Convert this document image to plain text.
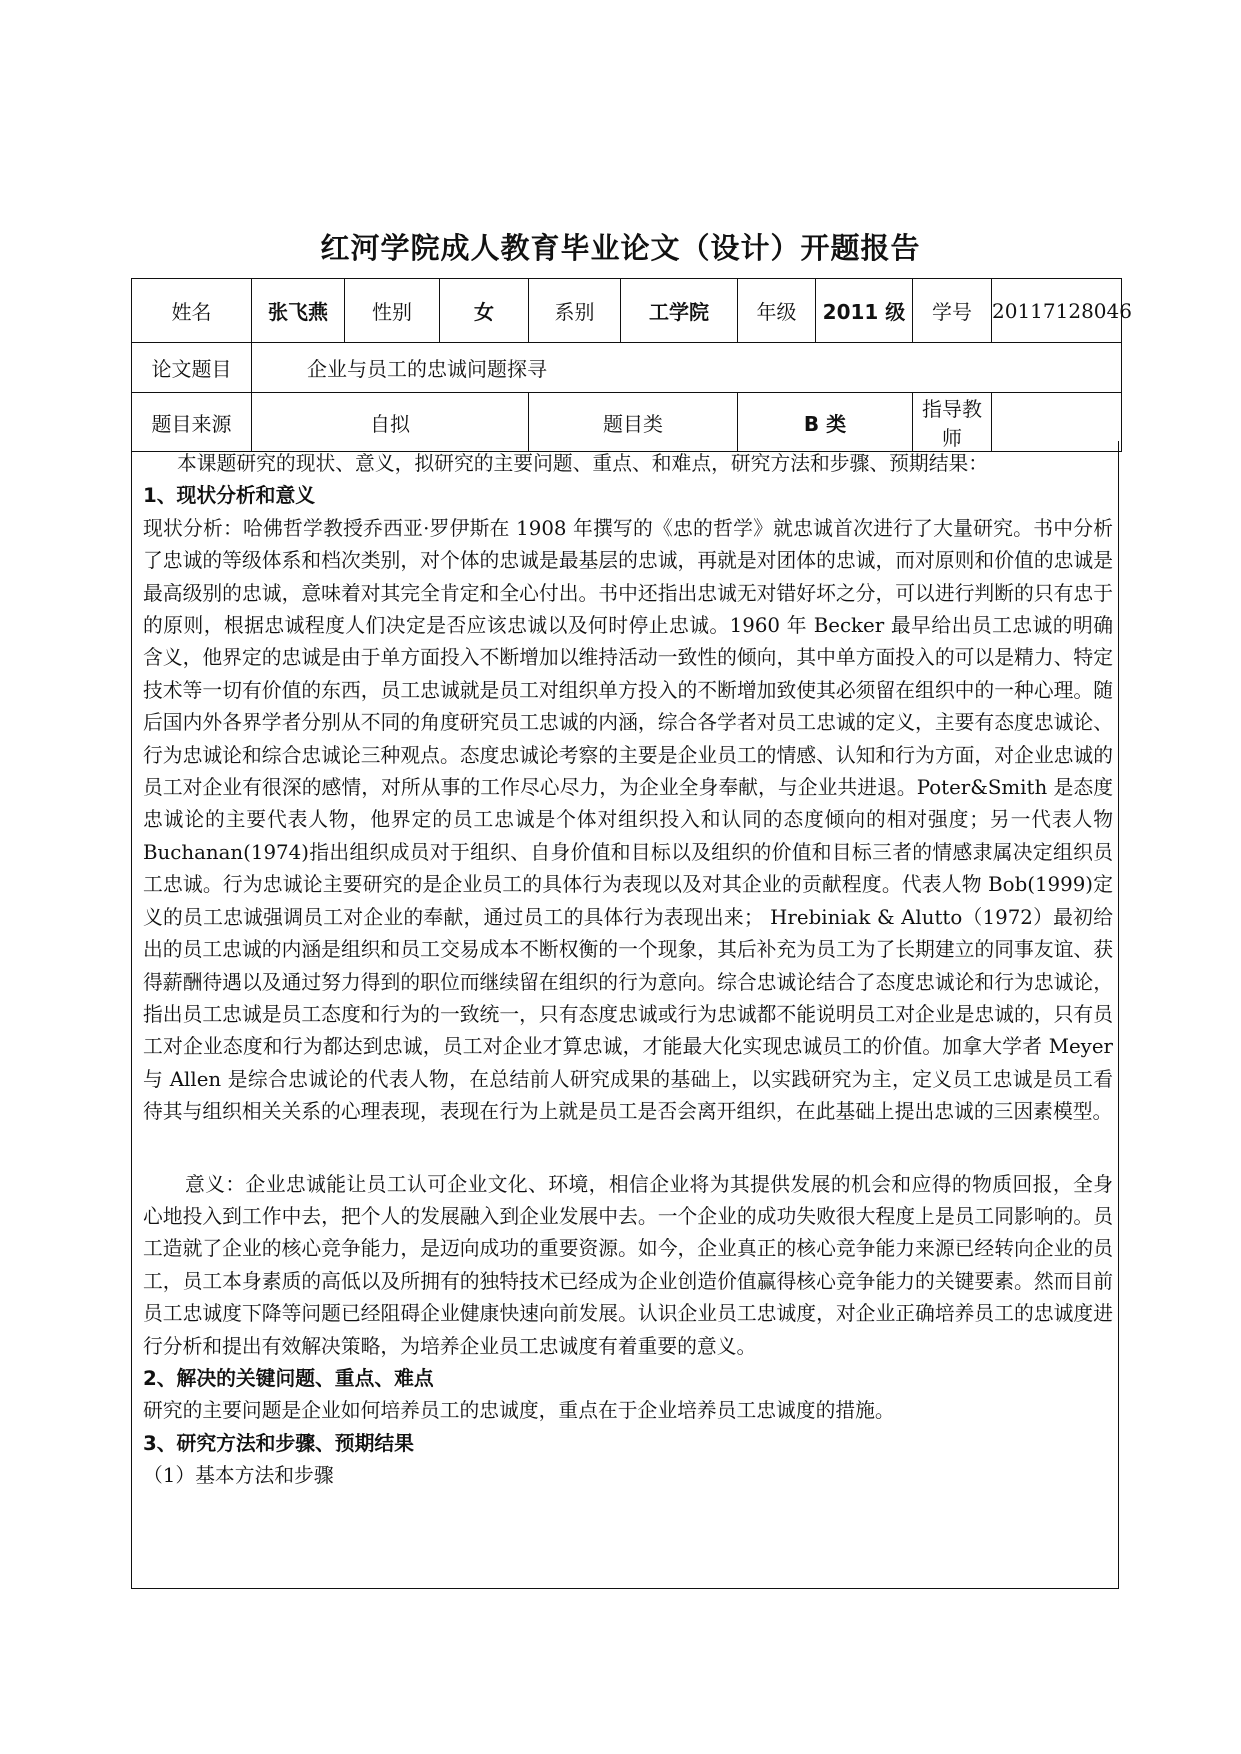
红河学院成人教育毕业论文（设计）开题报告
姓名	张飞燕	性别	女	系别	工学院	年级	2011 级	学号	20117128046
论文题目	企业与员工的忠诚问题探寻								
题目来源	自拟			题目类		B 类		指导教师	

本课题研究的现状、意义，拟研究的主要问题、重点、和难点，研究方法和步骤、预期结果：

1、现状分析和意义

现状分析：哈佛哲学教授乔西亚·罗伊斯在 1908 年撰写的《忠的哲学》就忠诚首次进行了大量研究。书中分析了忠诚的等级体系和档次类别，对个体的忠诚是最基层的忠诚，再就是对团体的忠诚，而对原则和价值的忠诚是最高级别的忠诚，意味着对其完全肯定和全心付出。书中还指出忠诚无对错好坏之分，可以进行判断的只有忠于的原则，根据忠诚程度人们决定是否应该忠诚以及何时停止忠诚。1960 年 Becker 最早给出员工忠诚的明确含义，他界定的忠诚是由于单方面投入不断增加以维持活动一致性的倾向，其中单方面投入的可以是精力、特定技术等一切有价值的东西，员工忠诚就是员工对组织单方投入的不断增加致使其必须留在组织中的一种心理。随后国内外各界学者分别从不同的角度研究员工忠诚的内涵，综合各学者对员工忠诚的定义，主要有态度忠诚论、行为忠诚论和综合忠诚论三种观点。态度忠诚论考察的主要是企业员工的情感、认知和行为方面，对企业忠诚的员工对企业有很深的感情，对所从事的工作尽心尽力，为企业全身奉献，与企业共进退。Poter&Smith 是态度忠诚论的主要代表人物，他界定的员工忠诚是个体对组织投入和认同的态度倾向的相对强度；另一代表人物 Buchanan(1974)指出组织成员对于组织、自身价值和目标以及组织的价值和目标三者的情感隶属决定组织员工忠诚。行为忠诚论主要研究的是企业员工的具体行为表现以及对其企业的贡献程度。代表人物 Bob(1999)定义的员工忠诚强调员工对企业的奉献，通过员工的具体行为表现出来； Hrebiniak & Alutto（1972）最初给出的员工忠诚的内涵是组织和员工交易成本不断权衡的一个现象，其后补充为员工为了长期建立的同事友谊、获得薪酬待遇以及通过努力得到的职位而继续留在组织的行为意向。综合忠诚论结合了态度忠诚论和行为忠诚论，指出员工忠诚是员工态度和行为的一致统一，只有态度忠诚或行为忠诚都不能说明员工对企业是忠诚的，只有员工对企业态度和行为都达到忠诚，员工对企业才算忠诚，才能最大化实现忠诚员工的价值。加拿大学者 Meyer 与 Allen 是综合忠诚论的代表人物，在总结前人研究成果的基础上，以实践研究为主，定义员工忠诚是员工看待其与组织相关关系的心理表现，表现在行为上就是员工是否会离开组织，在此基础上提出忠诚的三因素模型。

意义：企业忠诚能让员工认可企业文化、环境，相信企业将为其提供发展的机会和应得的物质回报，全身心地投入到工作中去，把个人的发展融入到企业发展中去。一个企业的成功失败很大程度上是员工同影响的。员工造就了企业的核心竞争能力，是迈向成功的重要资源。如今，企业真正的核心竞争能力来源已经转向企业的员工，员工本身素质的高低以及所拥有的独特技术已经成为企业创造价值赢得核心竞争能力的关键要素。然而目前员工忠诚度下降等问题已经阻碍企业健康快速向前发展。认识企业员工忠诚度，对企业正确培养员工的忠诚度进行分析和提出有效解决策略，为培养企业员工忠诚度有着重要的意义。

2、解决的关键问题、重点、难点

研究的主要问题是企业如何培养员工的忠诚度，重点在于企业培养员工忠诚度的措施。

3、研究方法和步骤、预期结果

（1）基本方法和步骤
